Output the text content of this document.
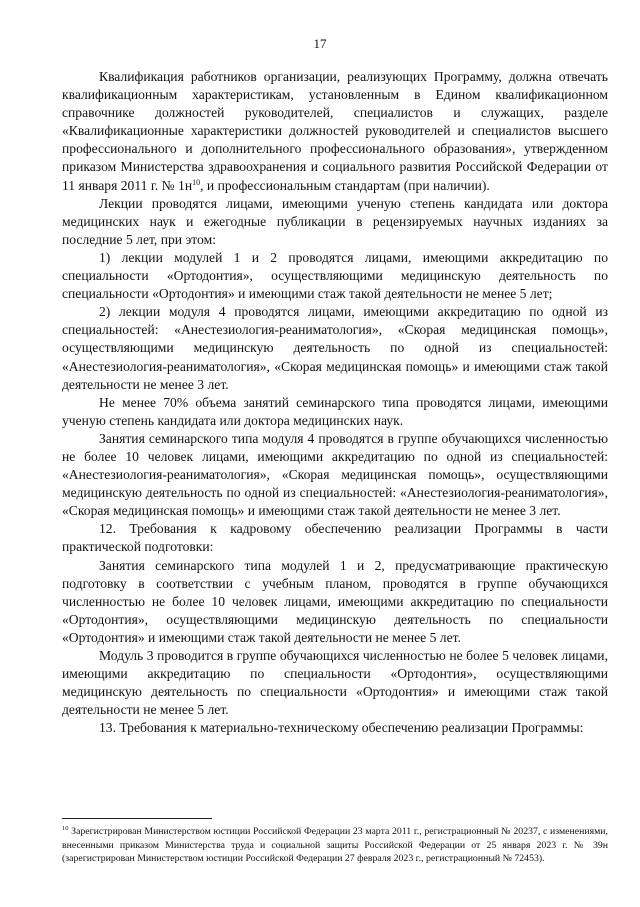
17

Квалификация работников организации, реализующих Программу, должна отвечать квалификационным характеристикам, установленным в Едином квалификационном справочнике должностей руководителей, специалистов и служащих, разделе «Квалификационные характеристики должностей руководителей и специалистов высшего профессионального и дополнительного профессионального образования», утвержденном приказом Министерства здравоохранения и социального развития Российской Федерации от 11 января 2011 г. № $1н^{10}$, и профессиональным стандартам (при наличии).

Лекции проводятся лицами, имеющими ученую степень кандидата или доктора медицинских наук и ежегодные публикации в рецензируемых научных изданиях за последние 5 лет, при этом:

1) лекции модулей 1 и 2 проводятся лицами, имеющими аккредитацию по специальности «Ортодонтия», осуществляющими медицинскую деятельность по специальности «Ортодонтия» и имеющими стаж такой деятельности не менее 5 лет;

2) лекции модуля 4 проводятся лицами, имеющими аккредитацию по одной из специальностей: «Анестезиология-реаниматология», «Скорая медицинская помощь», осуществляющими медицинскую деятельность по одной из специальностей: «Анестезиология-реаниматология», «Скорая медицинская помощь» и имеющими стаж такой деятельности не менее 3 лет.

Не менее 70% объема занятий семинарского типа проводятся лицами, имеющими ученую степень кандидата или доктора медицинских наук.

Занятия семинарского типа модуля 4 проводятся в группе обучающихся численностью не более 10 человек лицами, имеющими аккредитацию по одной из специальностей: «Анестезиология-реаниматология», «Скорая медицинская помощь», осуществляющими медицинскую деятельность по одной из специальностей: «Анестезиология-реаниматология», «Скорая медицинская помощь» и имеющими стаж такой деятельности не менее 3 лет.

12. Требования к кадровому обеспечению реализации Программы в части практической подготовки:

Занятия семинарского типа модулей 1 и 2, предусматривающие практическую подготовку в соответствии с учебным планом, проводятся в группе обучающихся численностью не более 10 человек лицами, имеющими аккредитацию по специальности «Ортодонтия», осуществляющими медицинскую деятельность по специальности «Ортодонтия» и имеющими стаж такой деятельности не менее 5 лет.

Модуль 3 проводится в группе обучающихся численностью не более 5 человек лицами, имеющими аккредитацию по специальности «Ортодонтия», осуществляющими медицинскую деятельность по специальности «Ортодонтия» и имеющими стаж такой деятельности не менее 5 лет.

13. Требования к материально-техническому обеспечению реализации Программы:

$^{10}$ Зарегистрирован Министерством юстиции Российской Федерации 23 марта 2011 г., регистрационный № 20237, с изменениями, внесенными приказом Министерства труда и социальной защиты Российской Федерации от 25 января 2023 г. № 39н (зарегистрирован Министерством юстиции Российской Федерации 27 февраля 2023 г., регистрационный № 72453).
